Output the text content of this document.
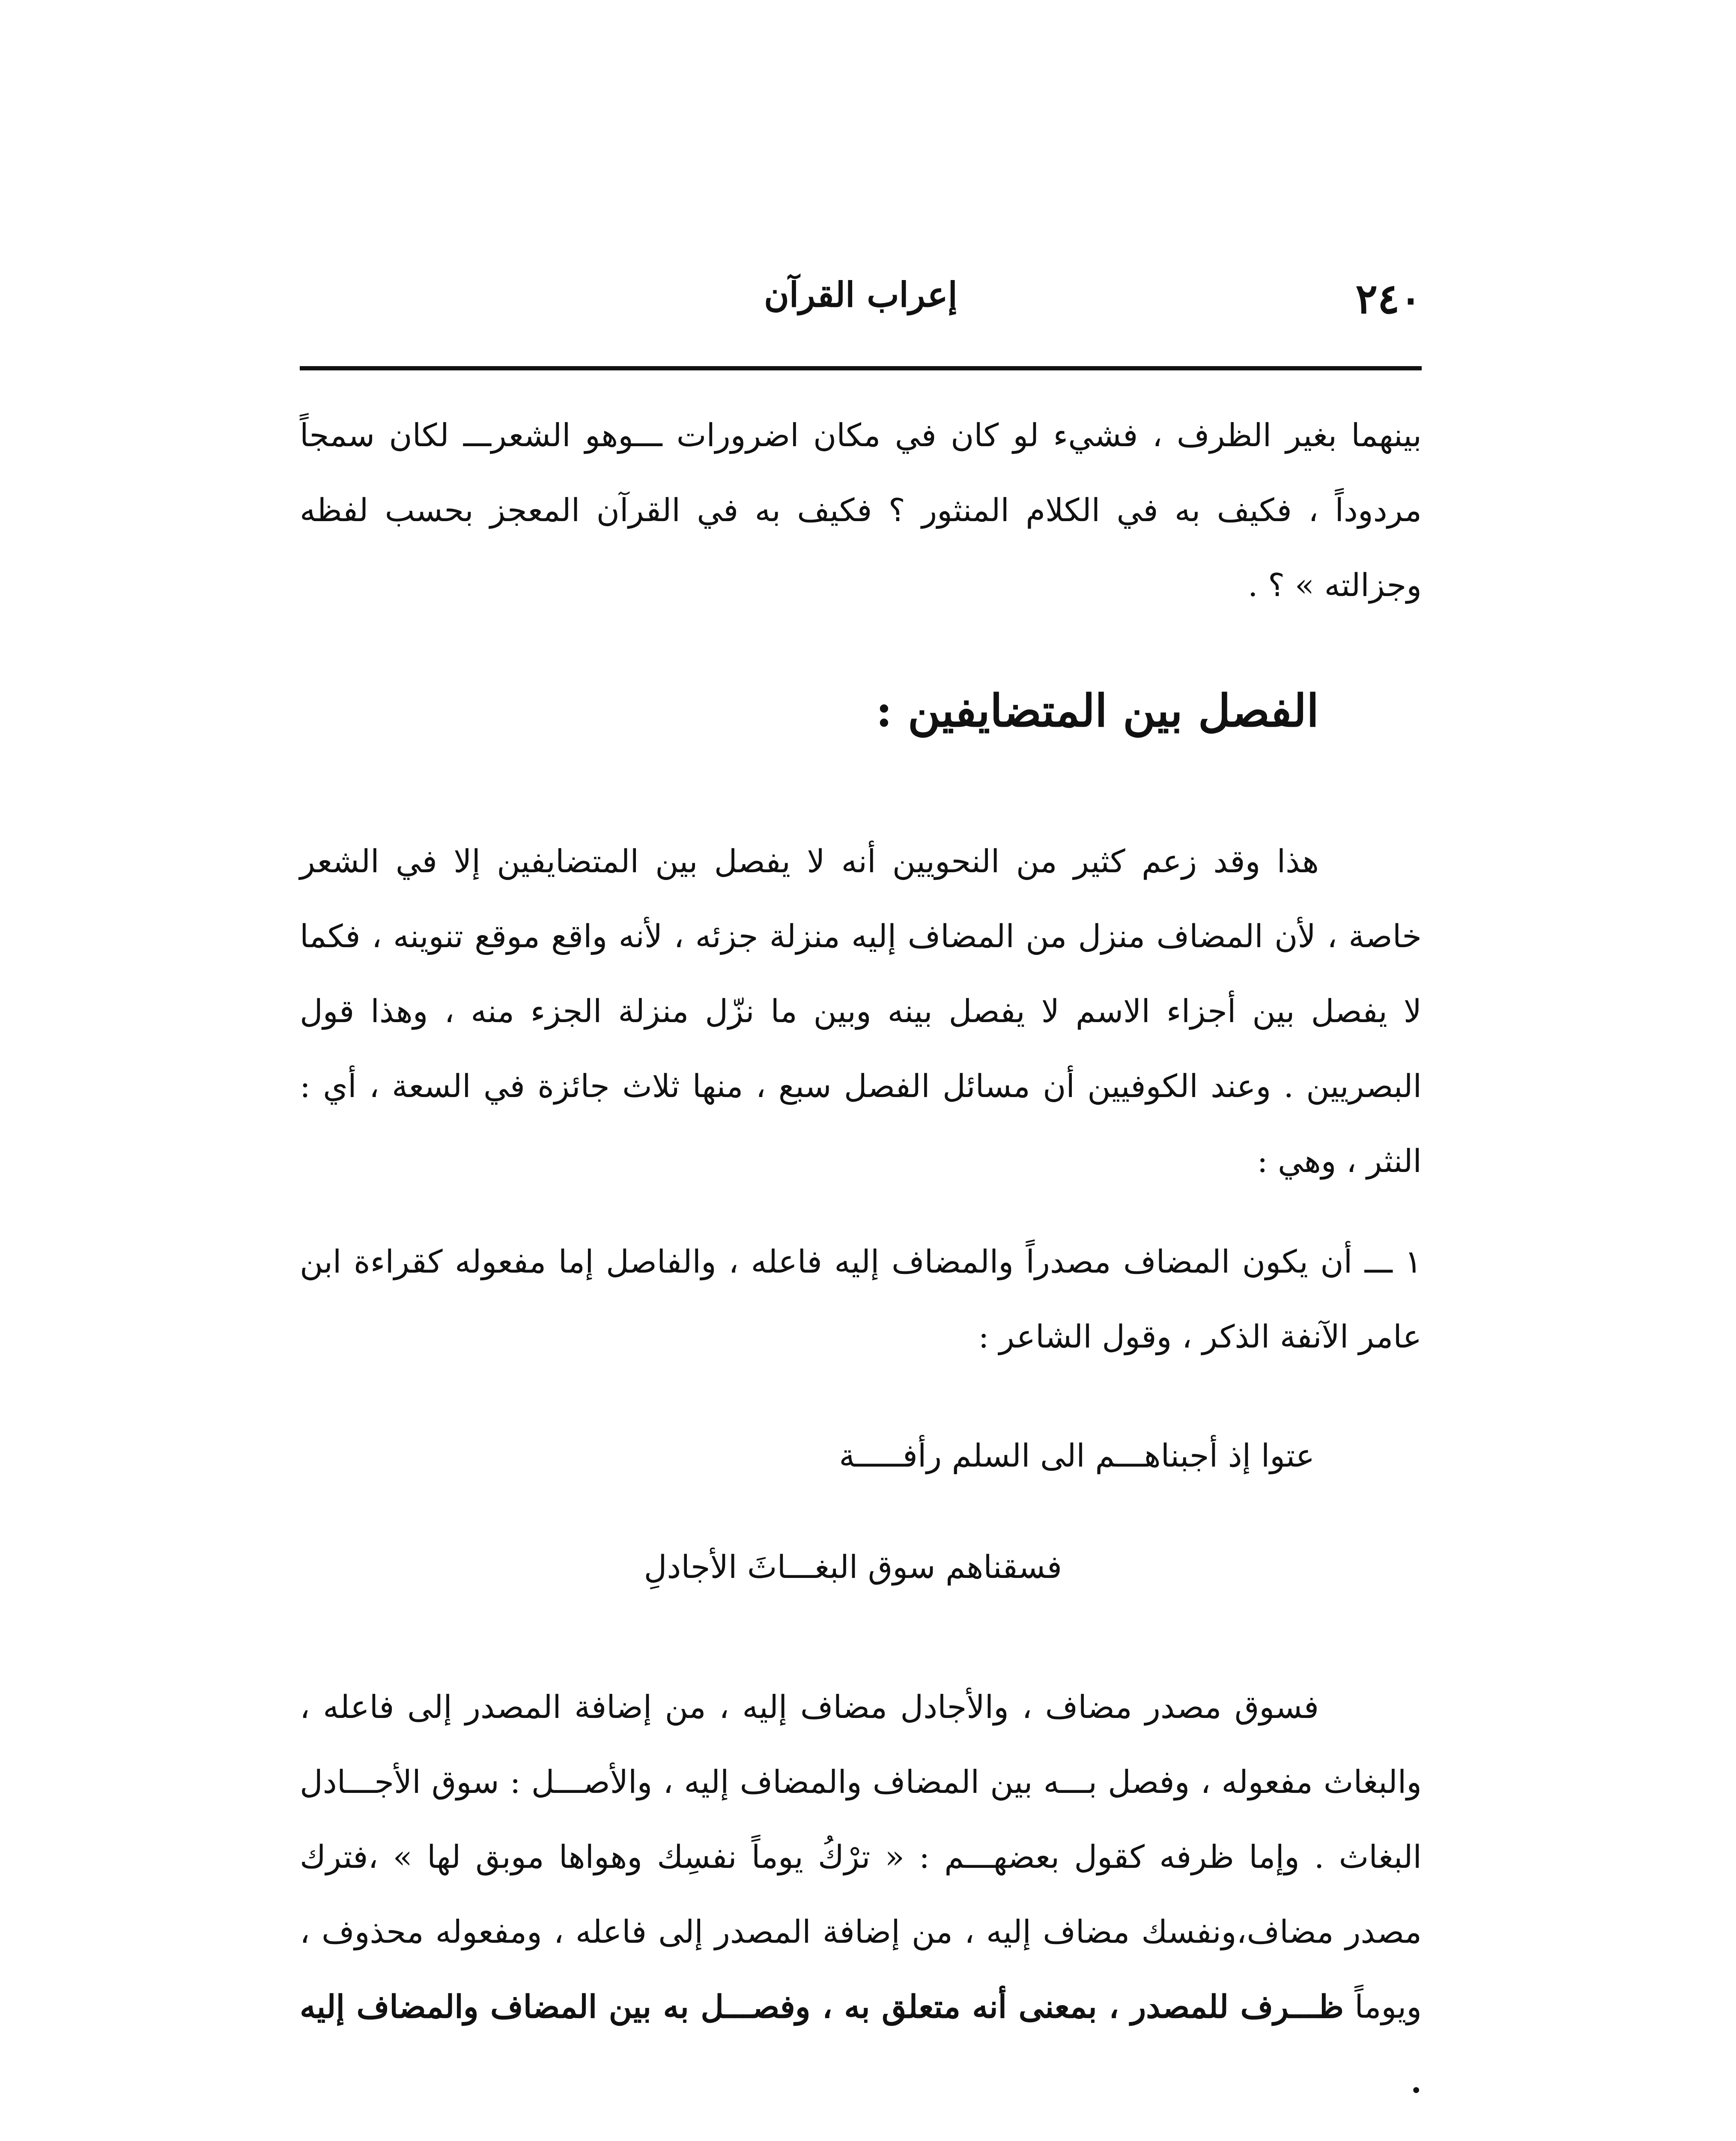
٢٤٠
إعراب القرآن

بينهما بغير الظرف ، فشيء لو كان في مكان اضرورات ـــوهو الشعرـــ لكان سمجاً مردوداً ، فكيف به في الكلام المنثور ؟ فكيف به في القرآن المعجز بحسب لفظه وجزالته » ؟ .

الفصل بين المتضايفين :

هذا وقد زعم كثير من النحويين أنه لا يفصل بين المتضايفين إلا في الشعر خاصة ، لأن المضاف منزل من المضاف إليه منزلة جزئه ، لأنه واقع موقع تنوينه ، فكما لا يفصل بين أجزاء الاسم لا يفصل بينه وبين ما نزّل منزلة الجزء منه ، وهذا قول البصريين . وعند الكوفيين أن مسائل الفصل سبع ، منها ثلاث جائزة في السعة ، أي : النثر ، وهي :

١ ـــ أن يكون المضاف مصدراً والمضاف إليه فاعله ، والفاصل إما مفعوله كقراءة ابن عامر الآنفة الذكر ، وقول الشاعر :

عتوا إذ أجبناهـــم الى السلم رأفـــــة
فسقناهم سوق البغـــاثَ الأجادلِ

فسوق مصدر مضاف ، والأجادل مضاف إليه ، من إضافة المصدر إلى فاعله ، والبغاث مفعوله ، وفصل بـــه بين المضاف والمضاف إليه ، والأصـــل : سوق الأجـــادل البغاث . وإما ظرفه كقول بعضهـــم : « ترْكُ يوماً نفسِك وهواها موبق لها » ،فترك مصدر مضاف،ونفسك مضاف إليه ، من إضافة المصدر إلى فاعله ، ومفعوله محذوف ، ويوماً ظـــرف للمصدر ، بمعنى أنه متعلق به ، وفصـــل به بين المضاف والمضاف إليه .
